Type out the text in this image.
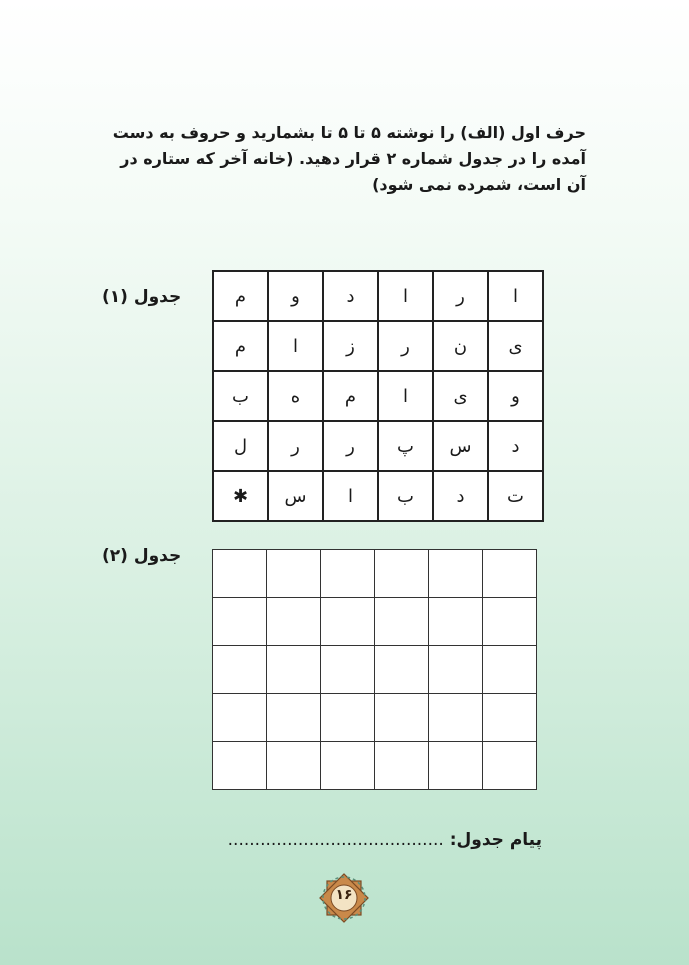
حرف اول (الف) را نوشته ۵ تا ۵ تا بشمارید و حروف به دست آمده را در جدول شماره ۲ قرار دهید. (خانه آخر که ستاره در آن است، شمرده نمی شود)

جدول (۱)	ا	ر	ا	د	و	م
ی	ن	ر	ز	ا	م
و	ی	ا	م	ه	ب
د	س	پ	ر	ر	ل
ت	د	ب	ا	س	✱
جدول (۲)

پیام جدول: ........................................
۱۶
